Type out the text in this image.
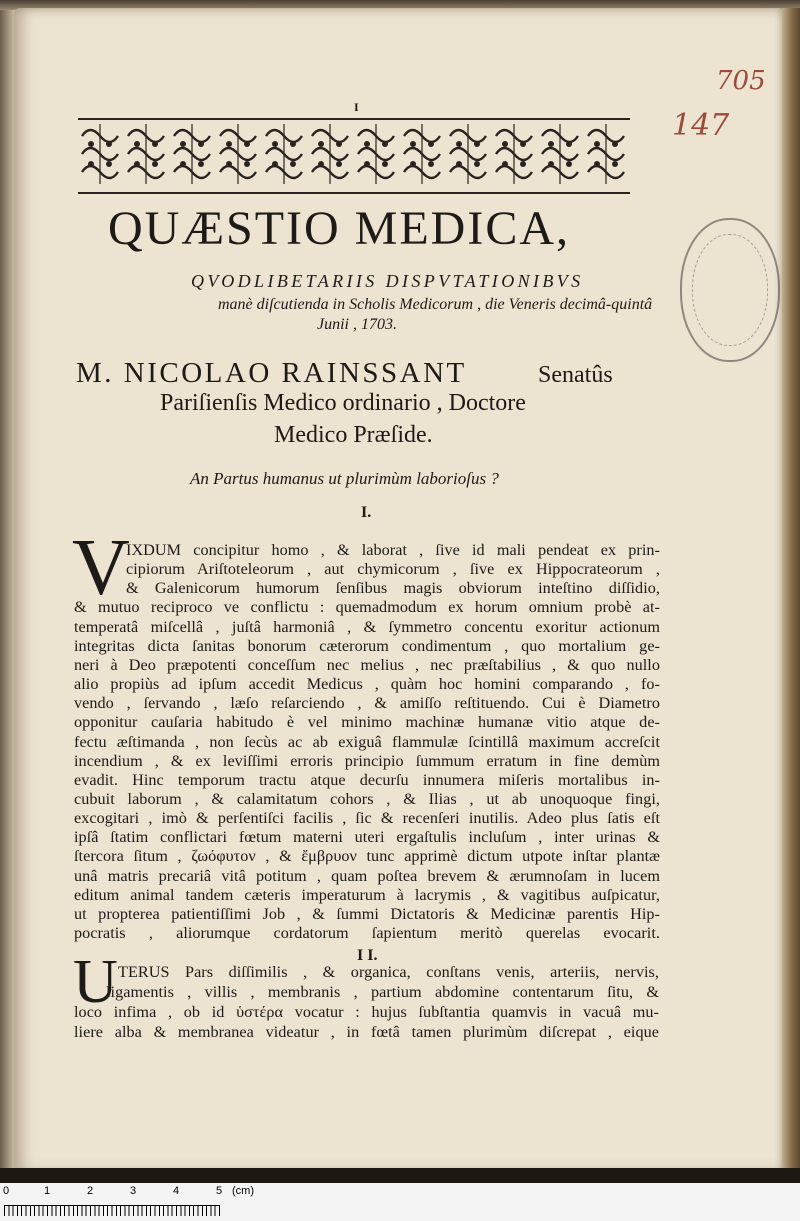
I
705
147
QUÆSTIO MEDICA,
QVODLIBETARIIS DISPVTATIONIBVS
manè diſcutienda in Scholis Medicorum , die Veneris decimâ-quintâ
Junii , 1703.
M. NICOLAO RAINSSANT	Senatûs
Pariſienſis Medico ordinario , Doctore
Medico Præſide.
An Partus humanus ut plurimùm laborioſus ?
I.
V
IXDUM concipitur homo , & laborat , ſive id mali pendeat ex prin-
cipiorum Ariſtoteleorum , aut chymicorum , ſive ex Hippocrateorum ,
& Galenicorum humorum ſenſibus magis obviorum inteſtino diſſidio,
& mutuo reciproco ve conflictu : quemadmodum ex horum omnium probè at-
temperatâ miſcellâ , juſtâ harmoniâ , & ſymmetro concentu exoritur actionum
integritas dicta ſanitas bonorum cæterorum condimentum , quo mortalium ge-
neri à Deo præpotenti conceſſum nec melius , nec præſtabilius , & quo nullo
alio propiùs ad ipſum accedit Medicus , quàm hoc homini comparando , fo-
vendo , ſervando , læſo reſarciendo , & amiſſo reſtituendo. Cui è Diametro
opponitur cauſaria habitudo è vel minimo machinæ humanæ vitio atque de-
fectu æſtimanda , non ſecùs ac ab exiguâ flammulæ ſcintillâ maximum accreſcit
incendium , & ex leviſſimi erroris principio ſummum erratum in fine demùm
evadit. Hinc temporum tractu atque decurſu innumera miſeris mortalibus in-
cubuit laborum , & calamitatum cohors , & Ilias , ut ab unoquoque fingi,
excogitari , imò & perſentiſci facilis , ſic & recenſeri inutilis. Adeo plus ſatis eſt
ipſâ ſtatim conflictari fœtum materni uteri ergaſtulis incluſum , inter urinas &
ſtercora ſitum , ζωόφυτον , & ἔμβρυον tunc apprimè dictum utpote inſtar plantæ
unâ matris precariâ vitâ potitum , quam poſtea brevem & ærumnoſam in lucem
editum animal tandem cæteris imperaturum à lacrymis , & vagitibus auſpicatur,
ut propterea patientiſſimi Job , & ſummi Dictatoris & Medicinæ parentis Hip-
pocratis , aliorumque cordatorum ſapientum meritò querelas evocarit.
I I.
U TERUS Pars diſſimilis , & organica, conſtans venis, arteriis, nervis,
ligamentis , villis , membranis , partium abdomine contentarum ſitu, &
loco infima , ob id ὑστέρα vocatur : hujus ſubſtantia quamvis in vacuâ mu-
liere alba & membranea videatur , in fœtâ tamen plurimùm diſcrepat , eique
0	1	2	3	4	5 (cm)
